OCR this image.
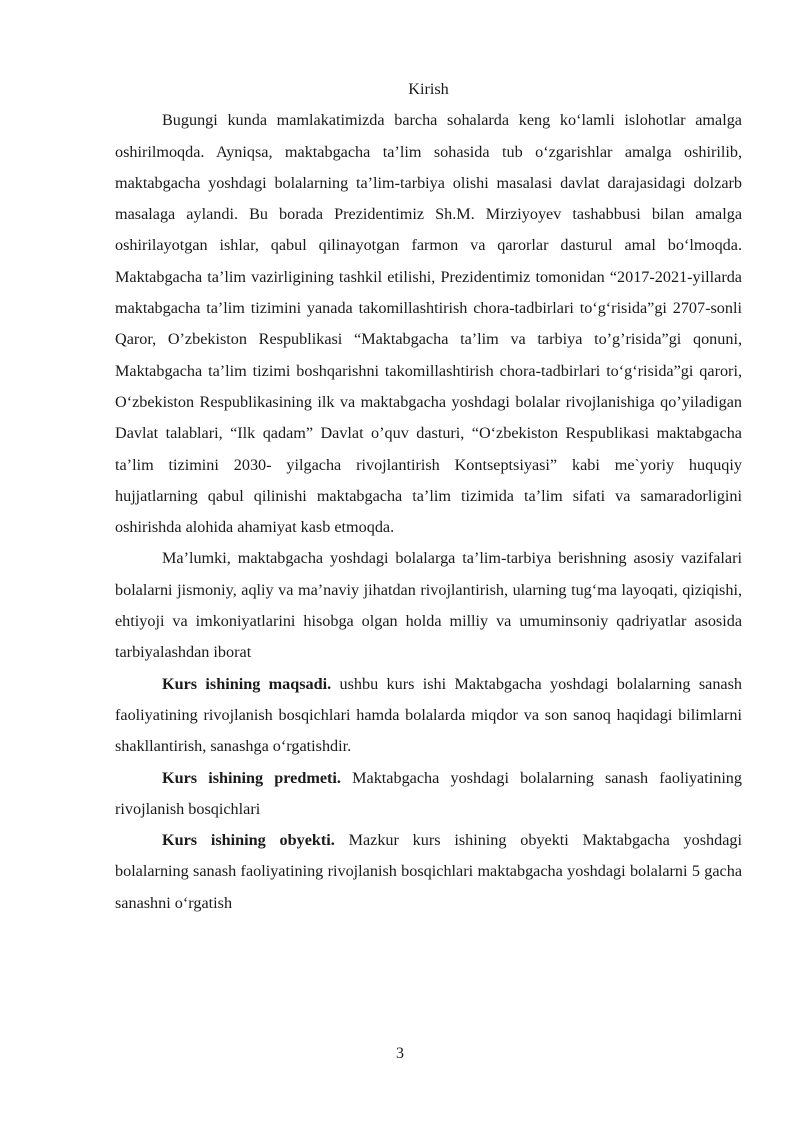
Kirish

Bugungi kunda mamlakatimizda barcha sohalarda keng ko‘lamli islohotlar amalga oshirilmoqda. Ayniqsa, maktabgacha ta’lim sohasida tub o‘zgarishlar amalga oshirilib, maktabgacha yoshdagi bolalarning ta’lim-tarbiya olishi masalasi davlat darajasidagi dolzarb masalaga aylandi. Bu borada Prezidentimiz Sh.M. Mirziyoyev tashabbusi bilan amalga oshirilayotgan ishlar, qabul qilinayotgan farmon va qarorlar dasturul amal bo‘lmoqda. Maktabgacha ta’lim vazirligining tashkil etilishi, Prezidentimiz tomonidan “2017-2021-yillarda maktabgacha ta’lim tizimini yanada takomillashtirish chora-tadbirlari to‘g‘risida”gi 2707-sonli Qaror, O’zbekiston Respublikasi “Maktabgacha ta’lim va tarbiya to’g’risida”gi qonuni, Maktabgacha ta’lim tizimi boshqarishni takomillashtirish chora-tadbirlari to‘g‘risida”gi qarori, O‘zbekiston Respublikasining ilk va maktabgacha yoshdagi bolalar rivojlanishiga qo’yiladigan Davlat talablari, “Ilk qadam” Davlat o’quv dasturi, “O‘zbekiston Respublikasi maktabgacha ta’lim tizimini 2030- yilgacha rivojlantirish Kontseptsiyasi” kabi me`yoriy huquqiy hujjatlarning qabul qilinishi maktabgacha ta’lim tizimida ta’lim sifati va samaradorligini oshirishda alohida ahamiyat kasb etmoqda.

Ma’lumki, maktabgacha yoshdagi bolalarga ta’lim-tarbiya berishning asosiy vazifalari bolalarni jismoniy, aqliy va ma’naviy jihatdan rivojlantirish, ularning tug‘ma layoqati, qiziqishi, ehtiyoji va imkoniyatlarini hisobga olgan holda milliy va umuminsoniy qadriyatlar asosida tarbiyalashdan iborat

Kurs ishining maqsadi. ushbu kurs ishi Maktabgacha yoshdagi bolalarning sanash faoliyatining rivojlanish bosqichlari hamda bolalarda miqdor va son sanoq haqidagi bilimlarni shakllantirish, sanashga o‘rgatishdir.

Kurs ishining predmeti. Maktabgacha yoshdagi bolalarning sanash faoliyatining rivojlanish bosqichlari

Kurs ishining obyekti. Mazkur kurs ishining obyekti Maktabgacha yoshdagi bolalarning sanash faoliyatining rivojlanish bosqichlari maktabgacha yoshdagi bolalarni 5 gacha sanashni o‘rgatish

3
